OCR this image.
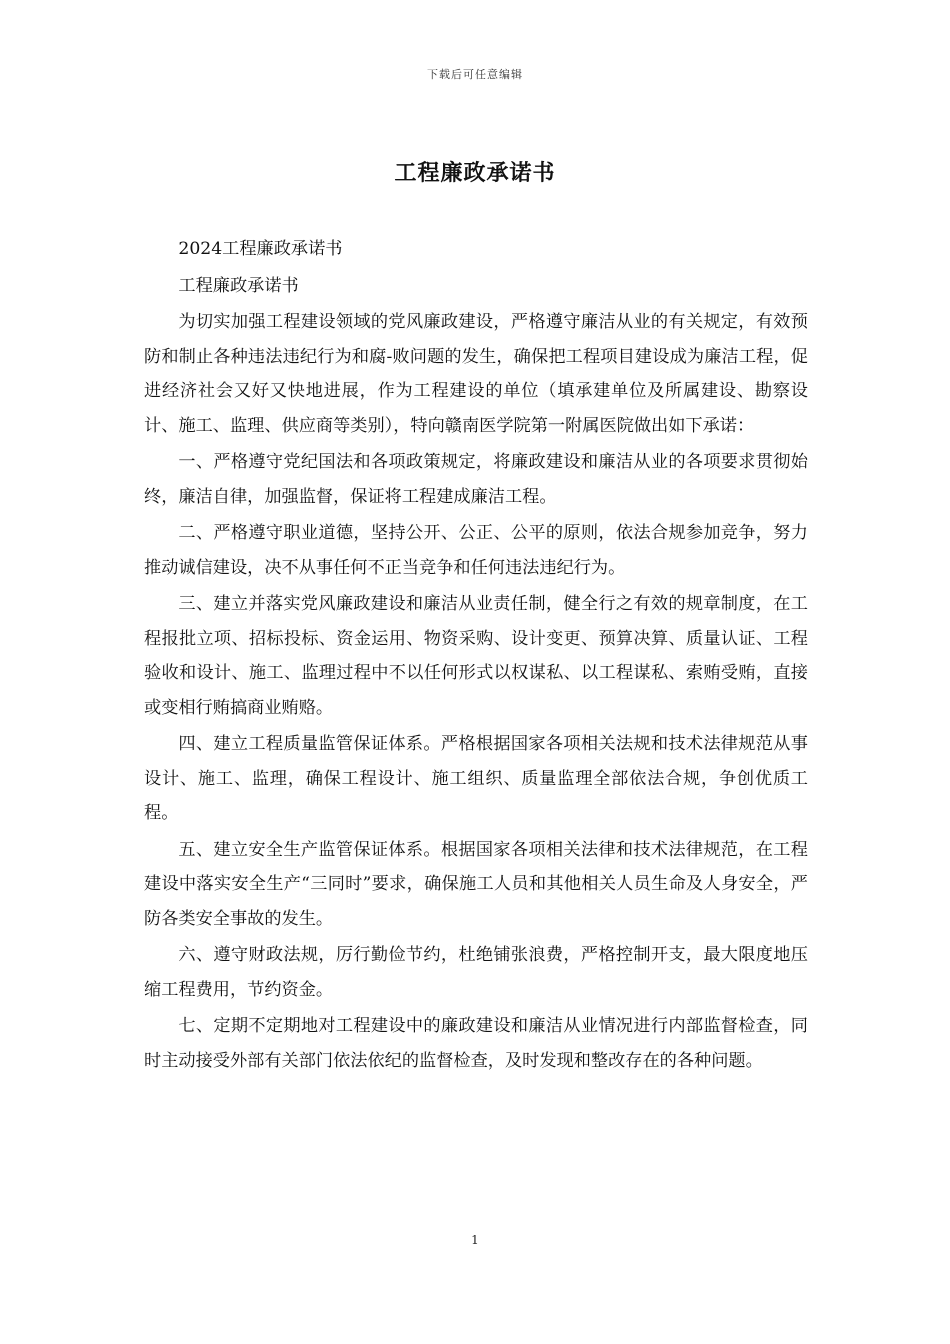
下载后可任意编辑
工程廉政承诺书

2024工程廉政承诺书

工程廉政承诺书

为切实加强工程建设领域的党风廉政建设，严格遵守廉洁从业的有关规定，有效预防和制止各种违法违纪行为和腐-败问题的发生，确保把工程项目建设成为廉洁工程，促进经济社会又好又快地进展，作为工程建设的单位（填承建单位及所属建设、勘察设计、施工、监理、供应商等类别），特向赣南医学院第一附属医院做出如下承诺：

一、严格遵守党纪国法和各项政策规定，将廉政建设和廉洁从业的各项要求贯彻始终，廉洁自律，加强监督，保证将工程建成廉洁工程。

二、严格遵守职业道德，坚持公开、公正、公平的原则，依法合规参加竞争，努力推动诚信建设，决不从事任何不正当竞争和任何违法违纪行为。

三、建立并落实党风廉政建设和廉洁从业责任制，健全行之有效的规章制度，在工程报批立项、招标投标、资金运用、物资采购、设计变更、预算决算、质量认证、工程验收和设计、施工、监理过程中不以任何形式以权谋私、以工程谋私、索贿受贿，直接或变相行贿搞商业贿赂。

四、建立工程质量监管保证体系。严格根据国家各项相关法规和技术法律规范从事设计、施工、监理，确保工程设计、施工组织、质量监理全部依法合规，争创优质工程。

五、建立安全生产监管保证体系。根据国家各项相关法律和技术法律规范，在工程建设中落实安全生产“三同时”要求，确保施工人员和其他相关人员生命及人身安全，严防各类安全事故的发生。

六、遵守财政法规，厉行勤俭节约，杜绝铺张浪费，严格控制开支，最大限度地压缩工程费用，节约资金。

七、定期不定期地对工程建设中的廉政建设和廉洁从业情况进行内部监督检查，同时主动接受外部有关部门依法依纪的监督检查，及时发现和整改存在的各种问题。

1
